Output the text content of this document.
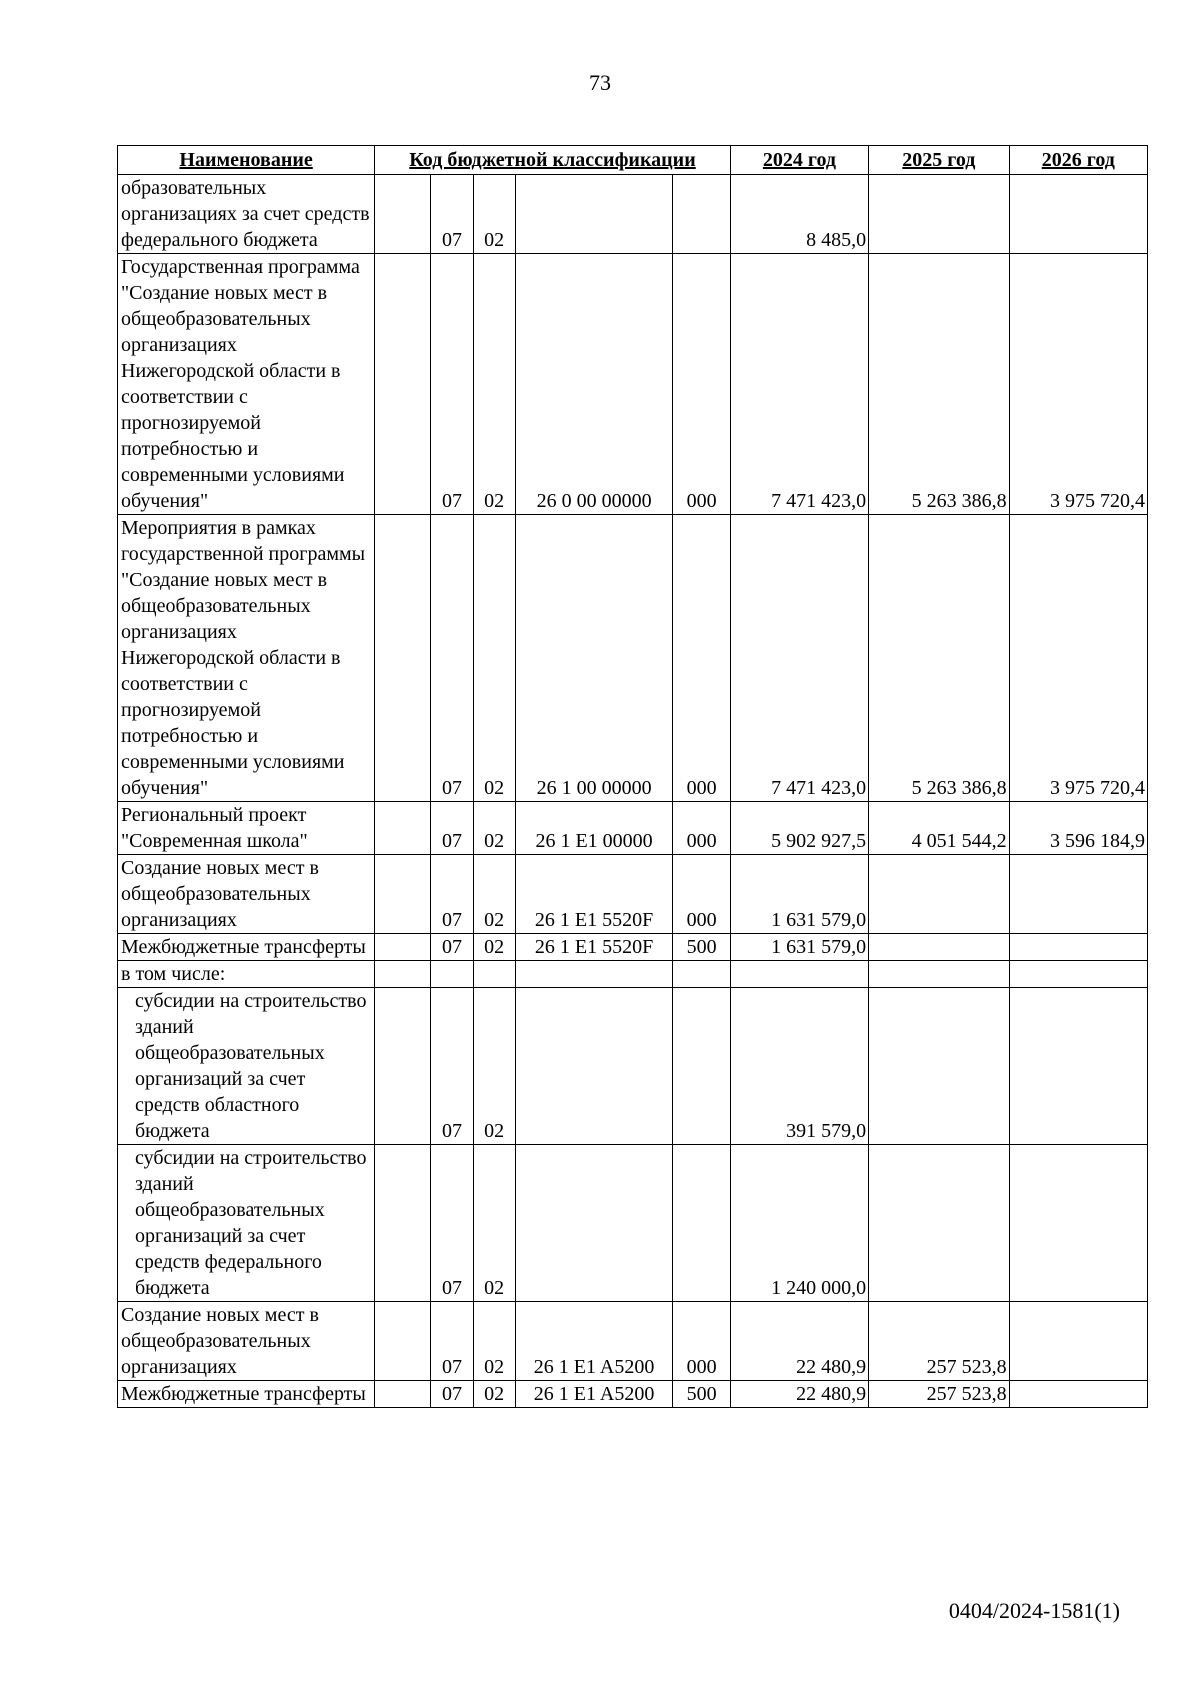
73
Наименование	Код бюджетной классификации					2024 год	2025 год	2026 год
образовательных организациях за счет средств федерального бюджета		07	02			8 485,0		
Государственная программа "Создание новых мест в общеобразовательных организациях Нижегородской области в соответствии с прогнозируемой потребностью и современными условиями обучения"		07	02	26 0 00 00000	000	7 471 423,0	5 263 386,8	3 975 720,4
Мероприятия в рамках государственной программы "Создание новых мест в общеобразовательных организациях Нижегородской области в соответствии с прогнозируемой потребностью и современными условиями обучения"		07	02	26 1 00 00000	000	7 471 423,0	5 263 386,8	3 975 720,4
Региональный проект "Современная школа"		07	02	26 1 E1 00000	000	5 902 927,5	4 051 544,2	3 596 184,9
Создание новых мест в общеобразовательных организациях		07	02	26 1 E1 5520F	000	1 631 579,0		
Межбюджетные трансферты		07	02	26 1 E1 5520F	500	1 631 579,0		
в том числе:								

субсидии на строительство зданий общеобразовательных организаций за счет средств областного бюджета		07	02			391 579,0		

субсидии на строительство зданий общеобразовательных организаций за счет средств федерального бюджета		07	02			1 240 000,0		
Создание новых мест в общеобразовательных организациях		07	02	26 1 E1 A5200	000	22 480,9	257 523,8	
Межбюджетные трансферты		07	02	26 1 E1 A5200	500	22 480,9	257 523,8	
0404/2024-1581(1)
